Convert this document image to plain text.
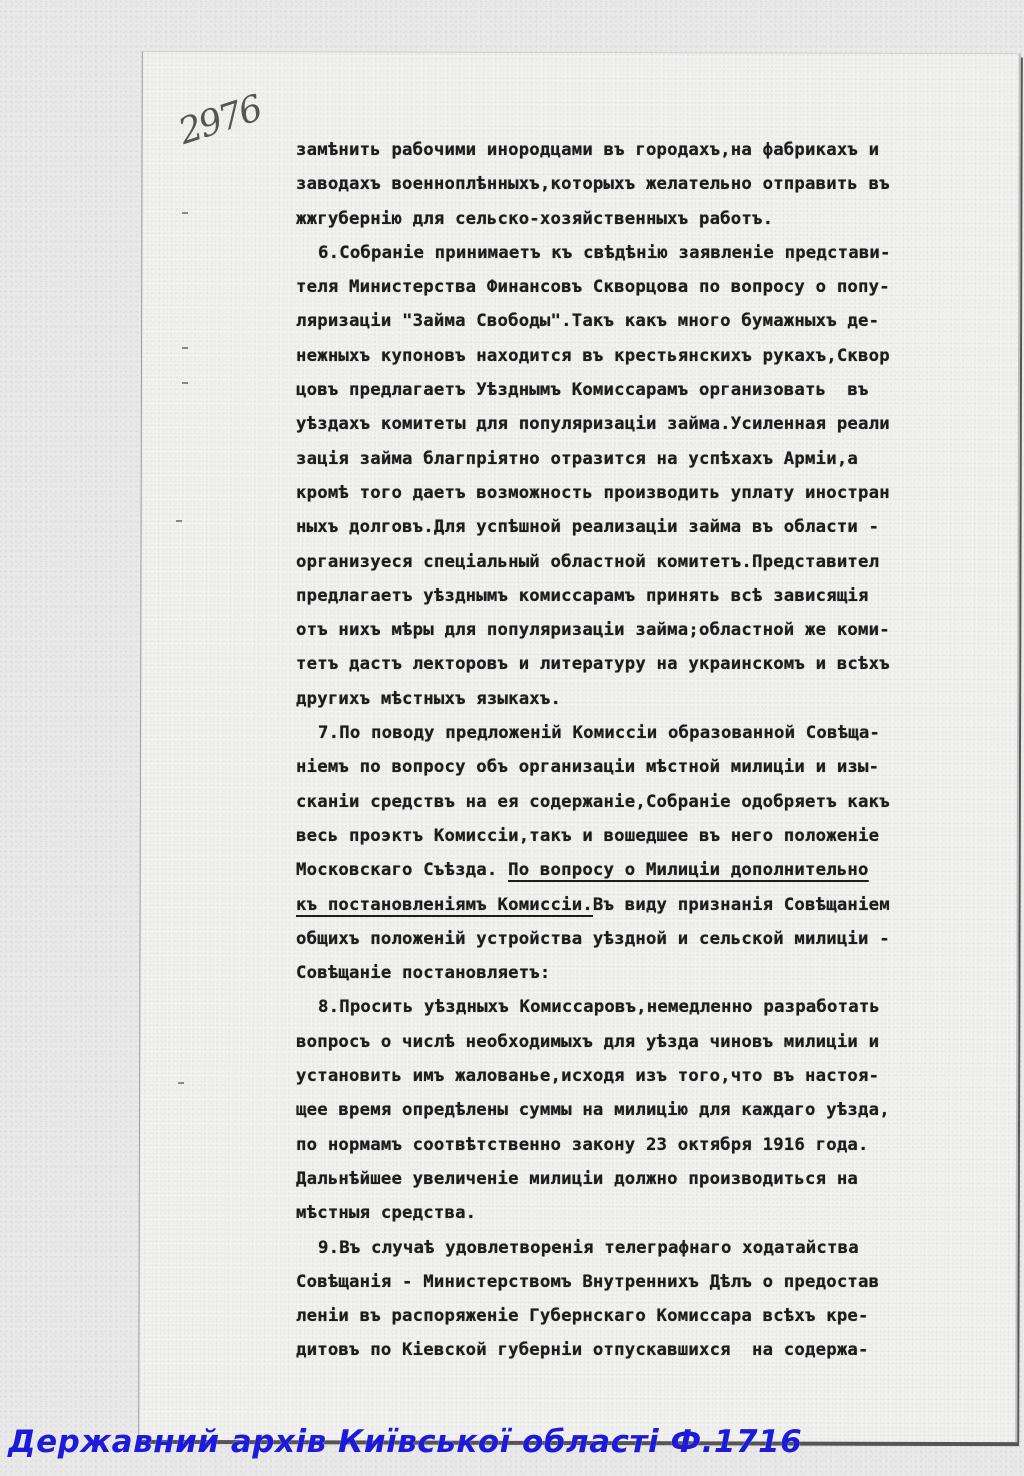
2976 замѣнить рабочими инородцами въ городахъ,на фабрикахъ и
заводахъ военноплѣнныхъ,которыхъ желательно отправить въ
жжгубернію для сельско-хозяйственныхъ работъ.
6.Собраніе принимаетъ къ свѣдѣнію заявленіе представи-
теля Министерства Финансовъ Скворцова по вопросу о попу-
ляризаціи "Займа Свободы".Такъ какъ много бумажныхъ де-
нежныхъ купоновъ находится въ крестьянскихъ рукахъ,Сквор
цовъ предлагаетъ Уѣзднымъ Комиссарамъ организовать  въ
уѣздахъ комитеты для популяризаціи займа.Усиленная реали
зація займа благпріятно отразится на успѣхахъ Арміи,а
кромѣ того даетъ возможность производить уплату иностран
ныхъ долговъ.Для успѣшной реализаціи займа въ области -
организуеся спеціальный областной комитетъ.Представител
предлагаетъ уѣзднымъ комиссарамъ принять всѣ зависящія
отъ нихъ мѣры для популяризаціи займа;областной же коми-
тетъ дастъ лекторовъ и литературу на украинскомъ и всѣхъ
другихъ мѣстныхъ языкахъ.
7.По поводу предложеній Комиссіи образованной Совѣща-
ніемъ по вопросу объ организаціи мѣстной милиціи и изы-
сканіи средствъ на ея содержаніе,Собраніе одобряетъ какъ
весь проэктъ Комиссіи,такъ и вошедшее въ него положеніе
Московскаго Съѣзда. По вопросу о Милиціи дополнительно
къ постановленіямъ Комиссіи.Въ виду признанія Совѣщаніем
общихъ положеній устройства уѣздной и сельской милиціи -
Совѣщаніе постановляетъ:
8.Просить уѣздныхъ Комиссаровъ,немедленно разработать
вопросъ о числѣ необходимыхъ для уѣзда чиновъ милиціи и
установить имъ жалованье,исходя изъ того,что въ настоя-
щее время опредѣлены суммы на милицію для каждаго уѣзда,
по нормамъ соотвѣтственно закону 23 октября 1916 года.
Дальнѣйшее увеличеніе милиціи должно производиться на
мѣстныя средства.
9.Въ случаѣ удовлетворенія телеграфнаго ходатайства
Совѣщанія - Министерствомъ Внутреннихъ Дѣлъ о предостав
леніи въ распоряженіе Губернскаго Комиссара всѣхъ кре-
дитовъ по Кіевской губерніи отпускавшихся  на содержа-
Державний архів Київської області Ф.1716
